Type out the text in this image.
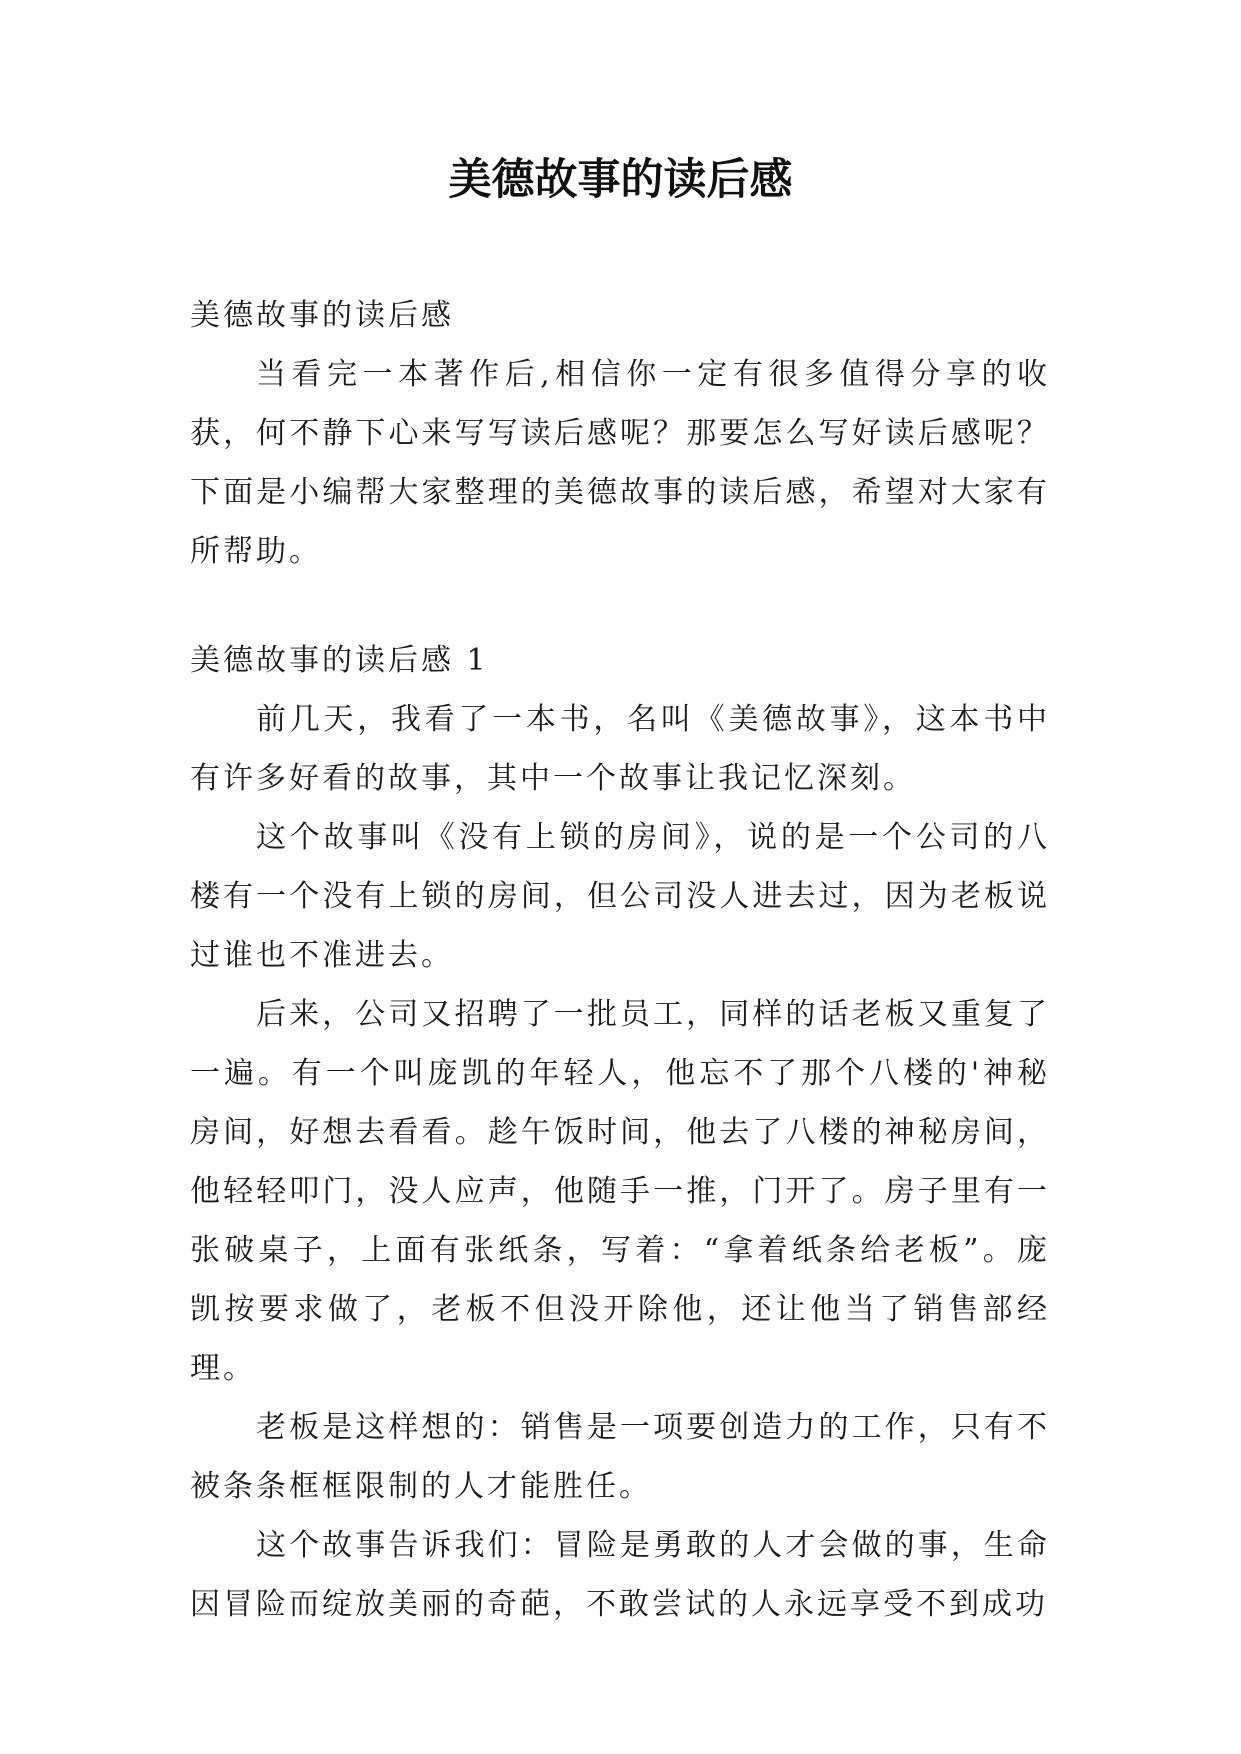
美德故事的读后感

美德故事的读后感

当看完一本著作后,相信你一定有很多值得分享的收获，何不静下心来写写读后感呢？那要怎么写好读后感呢？下面是小编帮大家整理的美德故事的读后感，希望对大家有所帮助。

美德故事的读后感 1

前几天，我看了一本书，名叫《美德故事》，这本书中有许多好看的故事，其中一个故事让我记忆深刻。

这个故事叫《没有上锁的房间》，说的是一个公司的八楼有一个没有上锁的房间，但公司没人进去过，因为老板说过谁也不准进去。

后来，公司又招聘了一批员工，同样的话老板又重复了一遍。有一个叫庞凯的年轻人，他忘不了那个八楼的'神秘房间，好想去看看。趁午饭时间，他去了八楼的神秘房间，他轻轻叩门，没人应声，他随手一推，门开了。房子里有一张破桌子，上面有张纸条，写着：“拿着纸条给老板”。庞凯按要求做了，老板不但没开除他，还让他当了销售部经理。

老板是这样想的：销售是一项要创造力的工作，只有不被条条框框限制的人才能胜任。

这个故事告诉我们：冒险是勇敢的人才会做的事，生命因冒险而绽放美丽的奇葩，不敢尝试的人永远享受不到成功
